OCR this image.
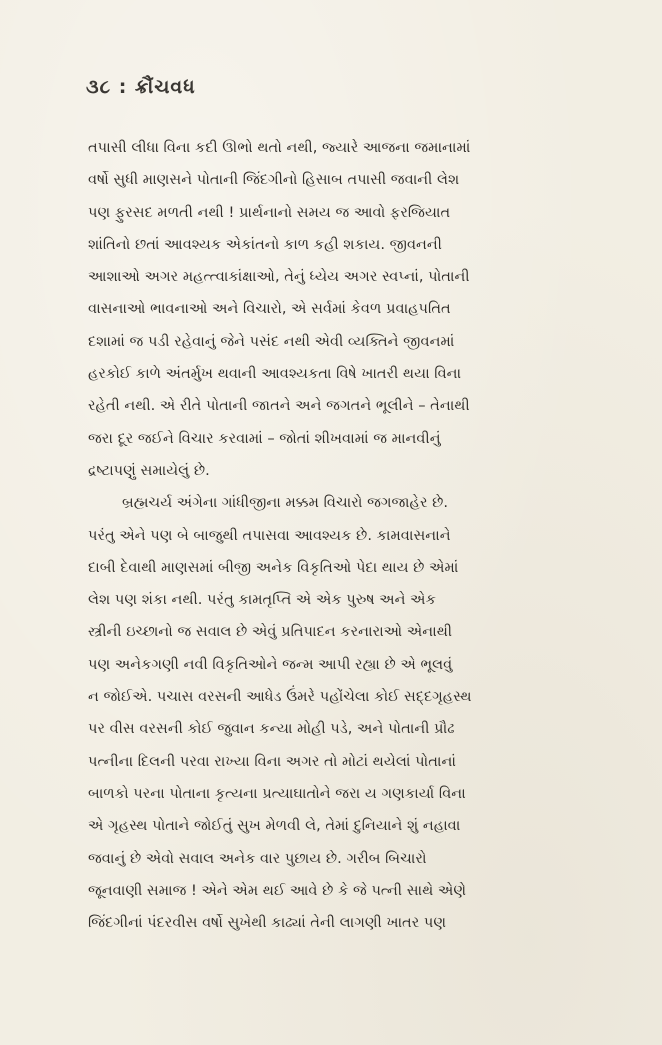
૩૮ : ક્રૌંચવધ
તપાસી લીધા વિના કદી ઊભો થતો નથી, જ્યારે આજના જમાનામાં
વર્ષો સુધી માણસને પોતાની જિંદગીનો હિસાબ તપાસી જવાની લેશ
પણ ફુરસદ મળતી નથી ! પ્રાર્થનાનો સમય જ આવો ફરજિયાત
શાંતિનો છતાં આવશ્યક એકાંતનો કાળ કહી શકાય. જીવનની
આશાઓ અગર મહત્ત્વાકાંક્ષાઓ, તેનું ધ્યેય અગર સ્વપ્નાં, પોતાની
વાસનાઓ ભાવનાઓ અને વિચારો, એ સર્વમાં કેવળ પ્રવાહપતિત
દશામાં જ પડી રહેવાનું જેને પસંદ નથી એવી વ્યક્તિને જીવનમાં
હરકોઈ કાળે અંતર્મુખ થવાની આવશ્યકતા વિષે ખાતરી થયા વિના
રહેતી નથી. એ રીતે પોતાની જાતને અને જગતને ભૂલીને – તેનાથી
જરા દૂર જઈને વિચાર કરવામાં – જોતાં શીખવામાં જ માનવીનું
દ્રષ્ટાપણું સમાયેલું છે.
બ્રહ્મચર્ય અંગેના ગાંધીજીના મક્કમ વિચારો જગજાહેર છે.
પરંતુ એને પણ બે બાજુથી તપાસવા આવશ્યક છે. કામવાસનાને
દાબી દેવાથી માણસમાં બીજી અનેક વિકૃતિઓ પેદા થાય છે એમાં
લેશ પણ શંકા નથી. પરંતુ કામતૃપ્તિ એ એક પુરુષ અને એક
સ્ત્રીની ઇચ્છાનો જ સવાલ છે એવું પ્રતિપાદન કરનારાઓ એનાથી
પણ અનેકગણી નવી વિકૃતિઓને જન્મ આપી રહ્યા છે એ ભૂલવું
ન જોઈએ. પચાસ વરસની આધેડ ઉંમરે પહોંચેલા કોઈ સદ્દગૃહસ્થ
પર વીસ વરસની કોઈ જુવાન કન્યા મોહી પડે, અને પોતાની પ્રૌઢ
પત્નીના દિલની પરવા રાખ્યા વિના અગર તો મોટાં થયેલાં પોતાનાં
બાળકો પરના પોતાના કૃત્યના પ્રત્યાઘાતોને જરા ય ગણકાર્યા વિના
એ ગૃહસ્થ પોતાને જોઈતું સુખ મેળવી લે, તેમાં દુનિયાને શું નહાવા
જવાનું છે એવો સવાલ અનેક વાર પુછાય છે. ગરીબ બિચારો
જૂનવાણી સમાજ ! એને એમ થઈ આવે છે કે જે પત્ની સાથે એણે
જિંદગીનાં પંદરવીસ વર્ષો સુખેથી કાઢ્યાં તેની લાગણી ખાતર પણ
